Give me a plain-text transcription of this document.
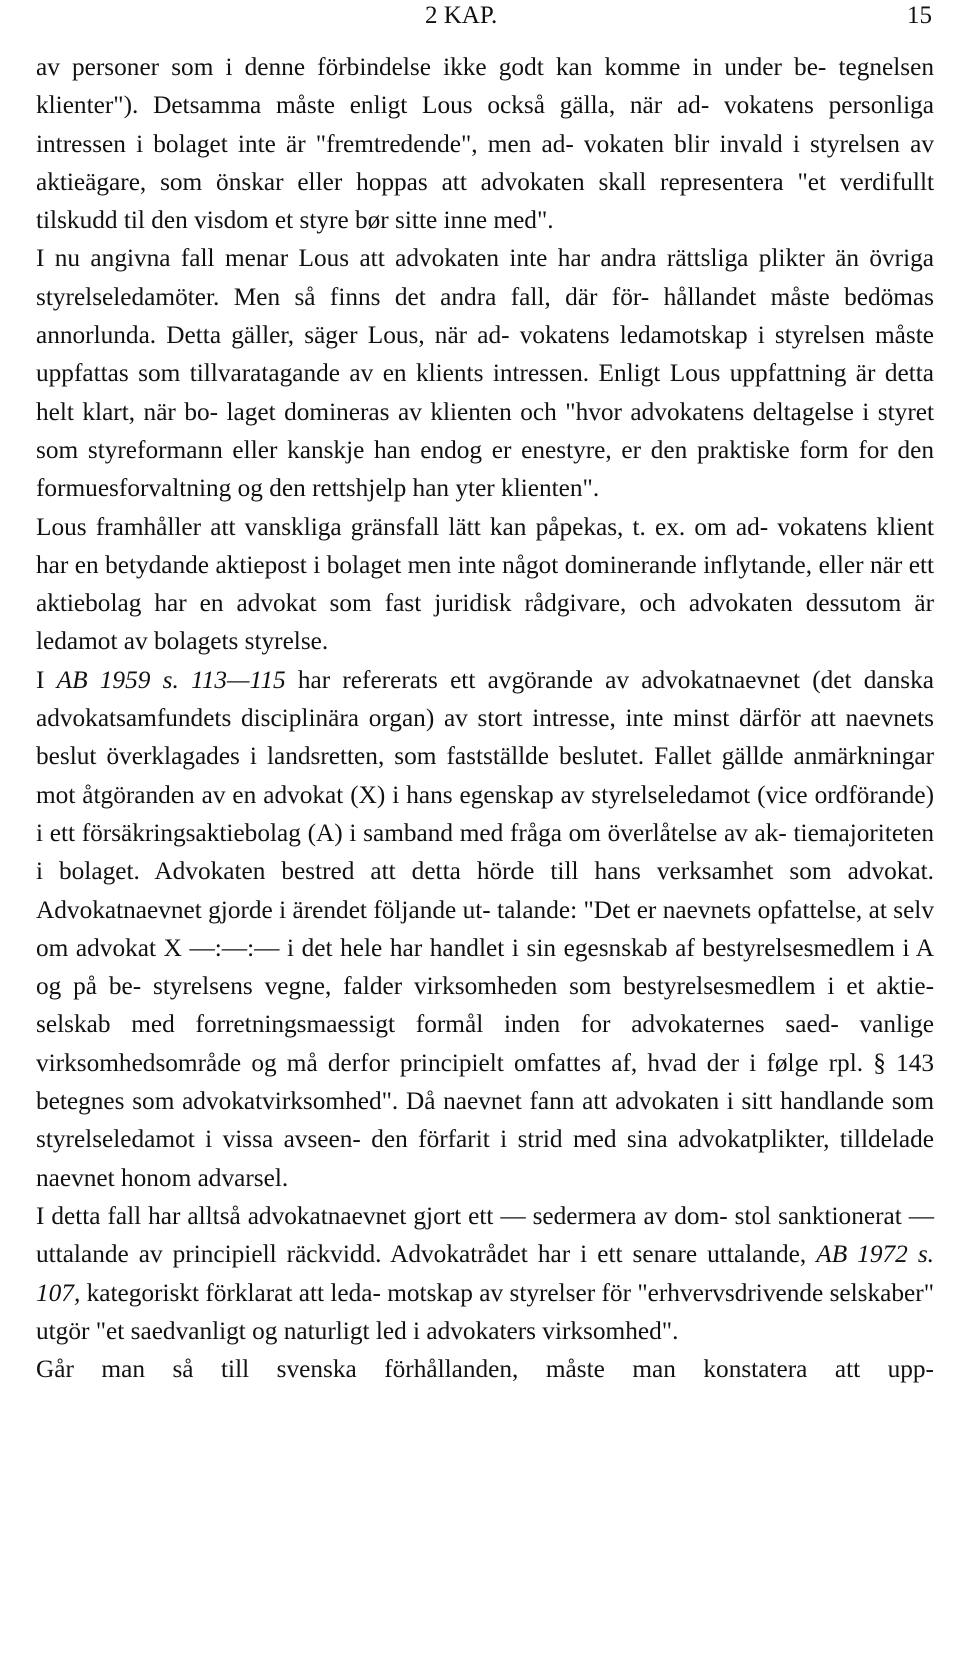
2 KAP.	15

av personer som i denne förbindelse ikke godt kan komme in under be- tegnelsen klienter"). Detsamma måste enligt Lous också gälla, när ad- vokatens personliga intressen i bolaget inte är "fremtredende", men ad- vokaten blir invald i styrelsen av aktieägare, som önskar eller hoppas att advokaten skall representera "et verdifullt tilskudd til den visdom et styre bør sitte inne med".

I nu angivna fall menar Lous att advokaten inte har andra rättsliga plikter än övriga styrelseledamöter. Men så finns det andra fall, där för- hållandet måste bedömas annorlunda. Detta gäller, säger Lous, när ad- vokatens ledamotskap i styrelsen måste uppfattas som tillvaratagande av en klients intressen. Enligt Lous uppfattning är detta helt klart, när bo- laget domineras av klienten och "hvor advokatens deltagelse i styret som styreformann eller kanskje han endog er enestyre, er den praktiske form for den formuesforvaltning og den rettshjelp han yter klienten".

Lous framhåller att vanskliga gränsfall lätt kan påpekas, t. ex. om ad- vokatens klient har en betydande aktiepost i bolaget men inte något dominerande inflytande, eller när ett aktiebolag har en advokat som fast juridisk rådgivare, och advokaten dessutom är ledamot av bolagets styrelse.

I AB 1959 s. 113—115 har refererats ett avgörande av advokatnaevnet (det danska advokatsamfundets disciplinära organ) av stort intresse, inte minst därför att naevnets beslut överklagades i landsretten, som fastställde beslutet. Fallet gällde anmärkningar mot åtgöranden av en advokat (X) i hans egenskap av styrelseledamot (vice ordförande) i ett försäkringsaktiebolag (A) i samband med fråga om överlåtelse av ak- tiemajoriteten i bolaget. Advokaten bestred att detta hörde till hans verksamhet som advokat. Advokatnaevnet gjorde i ärendet följande ut- talande: "Det er naevnets opfattelse, at selv om advokat X —:—:— i det hele har handlet i sin egesnskab af bestyrelsesmedlem i A og på be- styrelsens vegne, falder virksomheden som bestyrelsesmedlem i et aktie- selskab med forretningsmaessigt formål inden for advokaternes saed- vanlige virksomhedsområde og må derfor principielt omfattes af, hvad der i følge rpl. § 143 betegnes som advokatvirksomhed". Då naevnet fann att advokaten i sitt handlande som styrelseledamot i vissa avseen- den förfarit i strid med sina advokatplikter, tilldelade naevnet honom advarsel.

I detta fall har alltså advokatnaevnet gjort ett — sedermera av dom- stol sanktionerat — uttalande av principiell räckvidd. Advokatrådet har i ett senare uttalande, AB 1972 s. 107, kategoriskt förklarat att leda- motskap av styrelser för "erhvervsdrivende selskaber" utgör "et saedvanligt og naturligt led i advokaters virksomhed".

Går man så till svenska förhållanden, måste man konstatera att upp-
